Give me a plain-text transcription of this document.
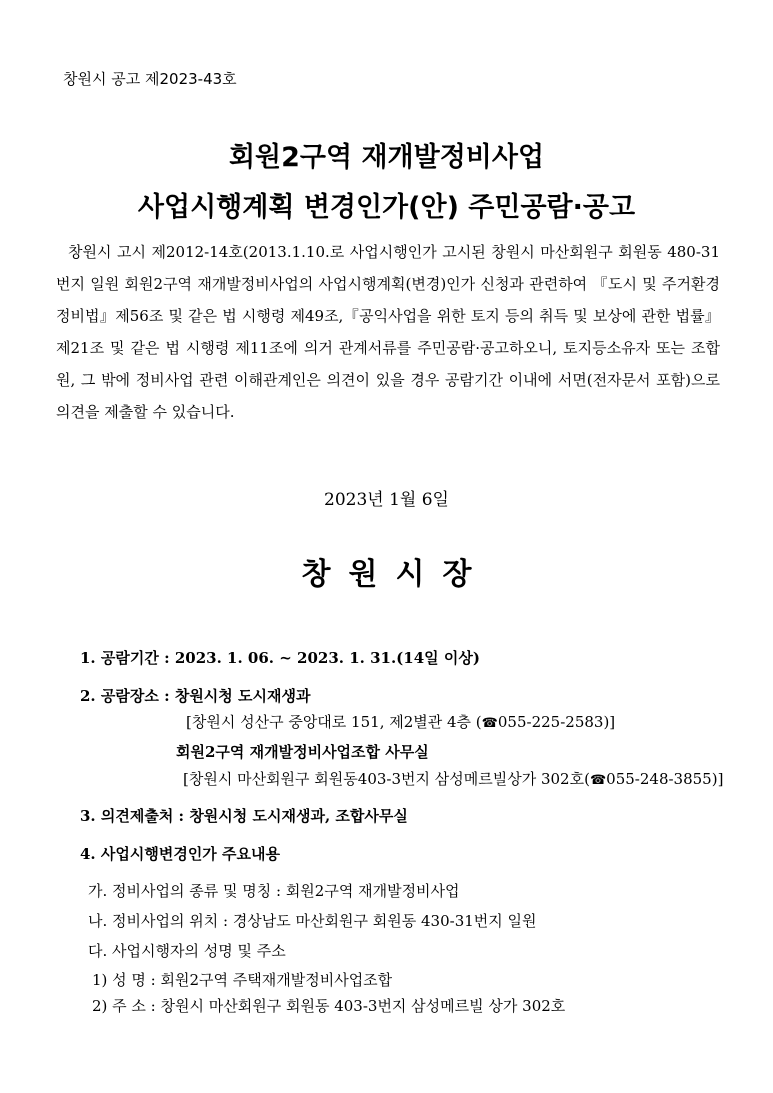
창원시 공고 제2023-43호
회원2구역 재개발정비사업
사업시행계획 변경인가(안) 주민공람·공고
창원시 고시 제2012-14호(2013.1.10.로 사업시행인가 고시된 창원시 마산회원구 회원동 480-31번지 일원 회원2구역 재개발정비사업의 사업시행계획(변경)인가 신청과 관련하여 『도시 및 주거환경정비법』제56조 및 같은 법 시행령 제49조,『공익사업을 위한 토지 등의 취득 및 보상에 관한 법률』제21조 및 같은 법 시행령 제11조에 의거 관계서류를 주민공람·공고하오니, 토지등소유자 또는 조합원, 그 밖에 정비사업 관련 이해관계인은 의견이 있을 경우 공람기간 이내에 서면(전자문서 포함)으로 의견을 제출할 수 있습니다.
2023년 1월 6일
창원시장
1. 공람기간 : 2023. 1. 06. ~ 2023. 1. 31.(14일 이상)
2. 공람장소 : 창원시청 도시재생과
[창원시 성산구 중앙대로 151, 제2별관 4층 (☎055-225-2583)]
회원2구역 재개발정비사업조합 사무실
[창원시 마산회원구 회원동403-3번지 삼성메르빌상가 302호(☎055-248-3855)]
3. 의견제출처 : 창원시청 도시재생과, 조합사무실
4. 사업시행변경인가 주요내용
가. 정비사업의 종류 및 명칭 : 회원2구역 재개발정비사업
나. 정비사업의 위치 : 경상남도 마산회원구 회원동 430-31번지 일원
다. 사업시행자의 성명 및 주소
1) 성 명 : 회원2구역 주택재개발정비사업조합
2) 주 소 : 창원시 마산회원구 회원동 403-3번지 삼성메르빌 상가 302호
